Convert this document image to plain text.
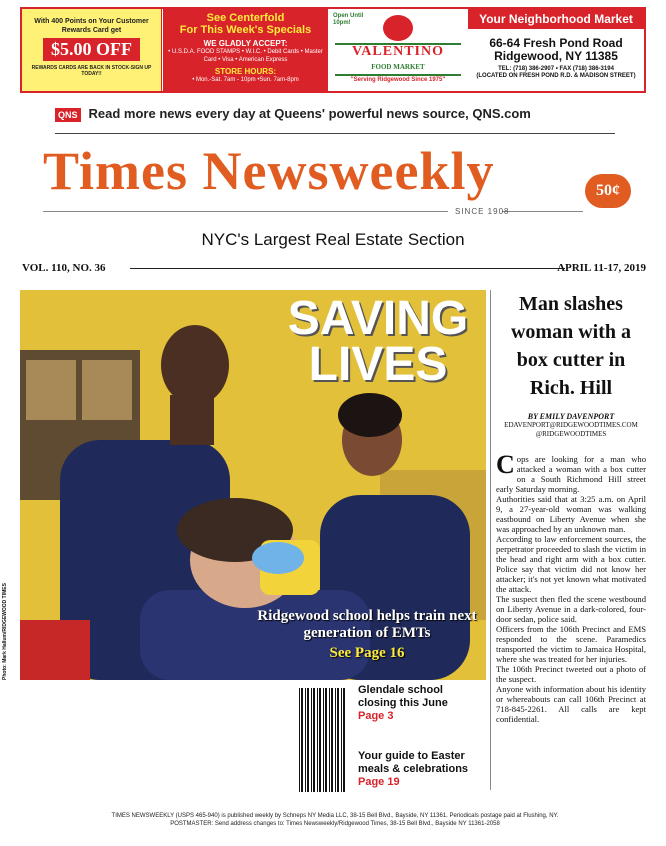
With 400 Points on Your Customer Rewards Card get
$5.00 OFF
REWARDS CARDS ARE BACK IN STOCK-SIGN UP TODAY!!
See Centerfold
For This Week's Specials
WE GLADLY ACCEPT:
• U.S.D.A. FOOD STAMPS • W.I.C. • Debit Cards • Master Card • Visa • American Express
STORE HOURS:
• Mon.-Sat. 7am - 10pm •Sun. 7am-8pm
Open Until 10pm!
VALENTINO
FOOD MARKET
"Serving Ridgewood Since 1975"
Your Neighborhood Market
66-64 Fresh Pond Road
Ridgewood, NY 11385
TEL: (718) 386-2907 • FAX (718) 386-3194
(LOCATED ON FRESH POND R.D. & MADISON STREET)
QNS Read more news every day at Queens' powerful news source, QNS.com
Times Newsweekly	50¢
SINCE 1908
NYC's Largest Real Estate Section
VOL. 110, NO. 36	APRIL 11-17, 2019
SAVING
LIVES
Ridgewood school helps train next generation of EMTs
See Page 16
Photo: Mark Hallum/RIDGEWOOD TIMES
Glendale school closing this June
Page 3
Your guide to Easter meals & celebrations
Page 19
Man slashes woman with a box cutter in Rich. Hill
BY EMILY DAVENPORT
EDAVENPORT@RIDGEWOODTIMES.COM
@RIDGEWOODTIMES

Cops are looking for a man who attacked a woman with a box cutter on a South Richmond Hill street early Saturday morning.

Authorities said that at 3:25 a.m. on April 9, a 27-year-old woman was walking eastbound on Liberty Avenue when she was approached by an unknown man.

According to law enforcement sources, the perpetrator proceeded to slash the victim in the head and right arm with a box cutter. Police say that victim did not know her attacker; it's not yet known what motivated the attack.

The suspect then fled the scene westbound on Liberty Avenue in a dark-colored, four-door sedan, police said.

Officers from the 106th Precinct and EMS responded to the scene. Paramedics transported the victim to Jamaica Hospital, where she was treated for her injuries.

The 106th Precinct tweeted out a photo of the suspect.

Anyone with information about his identity or whereabouts can call 106th Precinct at 718-845-2261. All calls are kept confidential.

TIMES NEWSWEEKLY (USPS 465-940) is published weekly by Schneps NY Media LLC, 38-15 Bell Blvd., Bayside, NY 11361. Periodicals postage paid at Flushing, NY.
POSTMASTER: Send address changes to: Times Newsweekly/Ridgewood Times, 38-15 Bell Blvd., Bayside NY 11361-2058
